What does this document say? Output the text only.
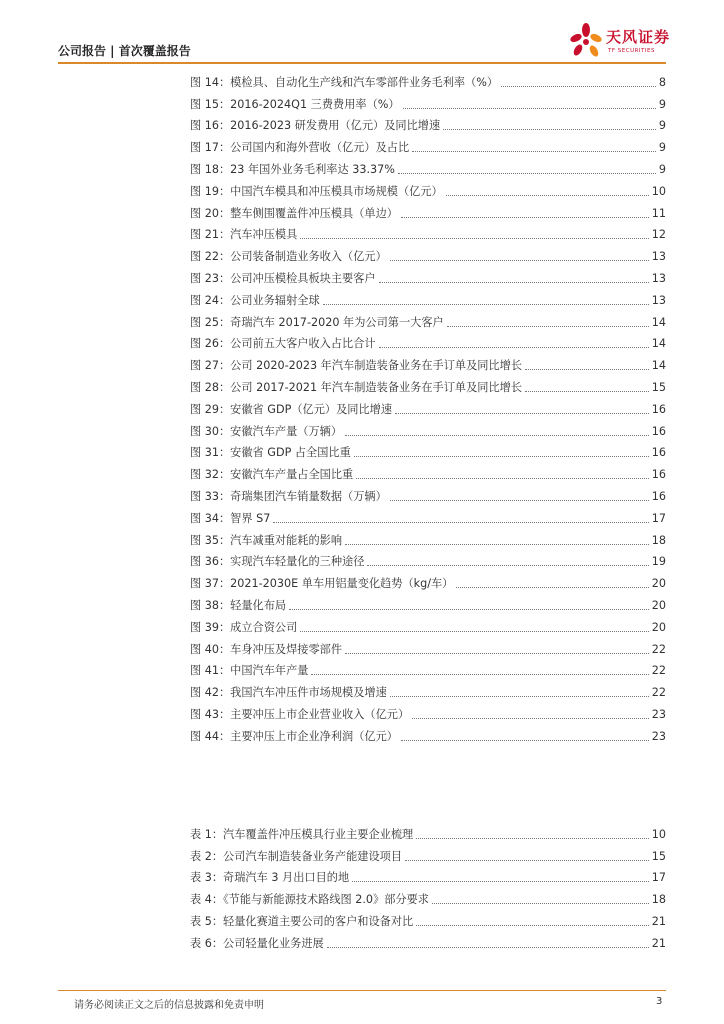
公司报告 | 首次覆盖报告
天风证券
TF SECURITIES
图 14：模检具、自动化生产线和汽车零部件业务毛利率（%）	8
图 15：2016-2024Q1 三费费用率（%）	9
图 16：2016-2023 研发费用（亿元）及同比增速	9
图 17：公司国内和海外营收（亿元）及占比	9
图 18：23 年国外业务毛利率达 33.37%	9
图 19：中国汽车模具和冲压模具市场规模（亿元）	10
图 20：整车侧围覆盖件冲压模具（单边）	11
图 21：汽车冲压模具	12
图 22：公司装备制造业务收入（亿元）	13
图 23：公司冲压模检具板块主要客户	13
图 24：公司业务辐射全球	13
图 25：奇瑞汽车 2017-2020 年为公司第一大客户	14
图 26：公司前五大客户收入占比合计	14
图 27：公司 2020-2023 年汽车制造装备业务在手订单及同比增长	14
图 28：公司 2017-2021 年汽车制造装备业务在手订单及同比增长	15
图 29：安徽省 GDP（亿元）及同比增速	16
图 30：安徽汽车产量（万辆）	16
图 31：安徽省 GDP 占全国比重	16
图 32：安徽汽车产量占全国比重	16
图 33：奇瑞集团汽车销量数据（万辆）	16
图 34：智界 S7	17
图 35：汽车减重对能耗的影响	18
图 36：实现汽车轻量化的三种途径	19
图 37：2021-2030E 单车用铝量变化趋势（kg/车）	20
图 38：轻量化布局	20
图 39：成立合资公司	20
图 40：车身冲压及焊接零部件	22
图 41：中国汽车年产量	22
图 42：我国汽车冲压件市场规模及增速	22
图 43：主要冲压上市企业营业收入（亿元）	23
图 44：主要冲压上市企业净利润（亿元）	23
表 1：汽车覆盖件冲压模具行业主要企业梳理	10
表 2：公司汽车制造装备业务产能建设项目	15
表 3：奇瑞汽车 3 月出口目的地	17
表 4：《节能与新能源技术路线图 2.0》部分要求	18
表 5：轻量化赛道主要公司的客户和设备对比	21
表 6：公司轻量化业务进展	21
请务必阅读正文之后的信息披露和免责申明	3
